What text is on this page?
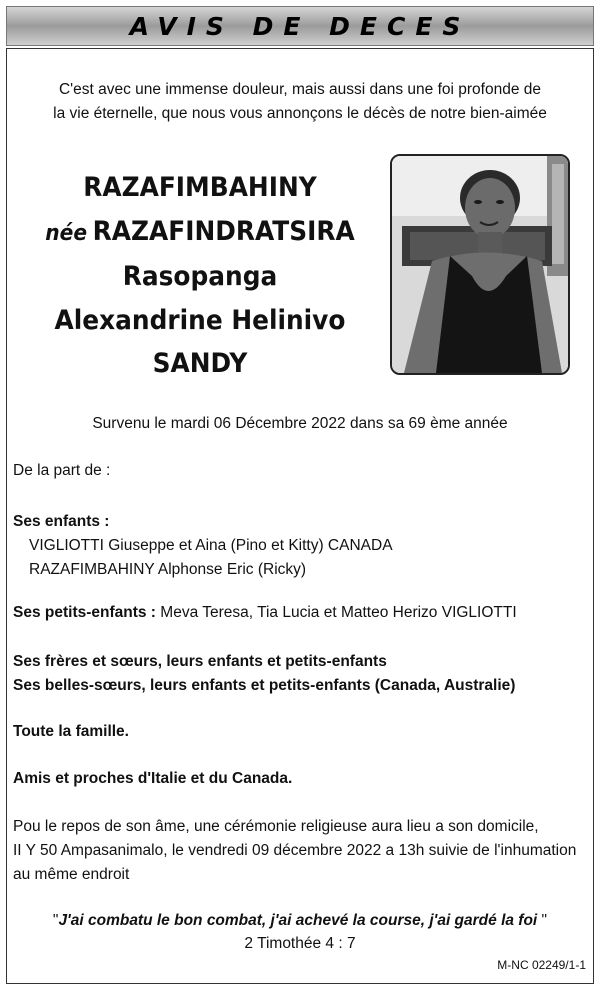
AVIS DE DECES
C'est avec une immense douleur, mais aussi dans une foi profonde de
la vie éternelle, que nous vous annonçons le décès de notre bien-aimée
RAZAFIMBAHINY
née RAZAFINDRATSIRA
Rasopanga
Alexandrine Helinivo
SANDY
Survenu le mardi 06 Décembre 2022 dans sa 69 ème année
De la part de :
Ses enfants :
VIGLIOTTI Giuseppe et Aina (Pino et Kitty) CANADA
RAZAFIMBAHINY Alphonse Eric (Ricky)
Ses petits-enfants : Meva Teresa, Tia Lucia et Matteo Herizo VIGLIOTTI
Ses frères et sœurs, leurs enfants et petits-enfants
Ses belles-sœurs, leurs enfants et petits-enfants (Canada, Australie)
Toute la famille.
Amis et proches d'Italie et du Canada.
Pou le repos de son âme, une cérémonie religieuse aura lieu a son domicile,
II Y 50 Ampasanimalo, le vendredi 09 décembre 2022 a 13h suivie de l'inhumation
au même endroit
"J'ai combatu le bon combat, j'ai achevé la course, j'ai gardé la foi "
2 Timothée 4 : 7
M-NC 02249/1-1
